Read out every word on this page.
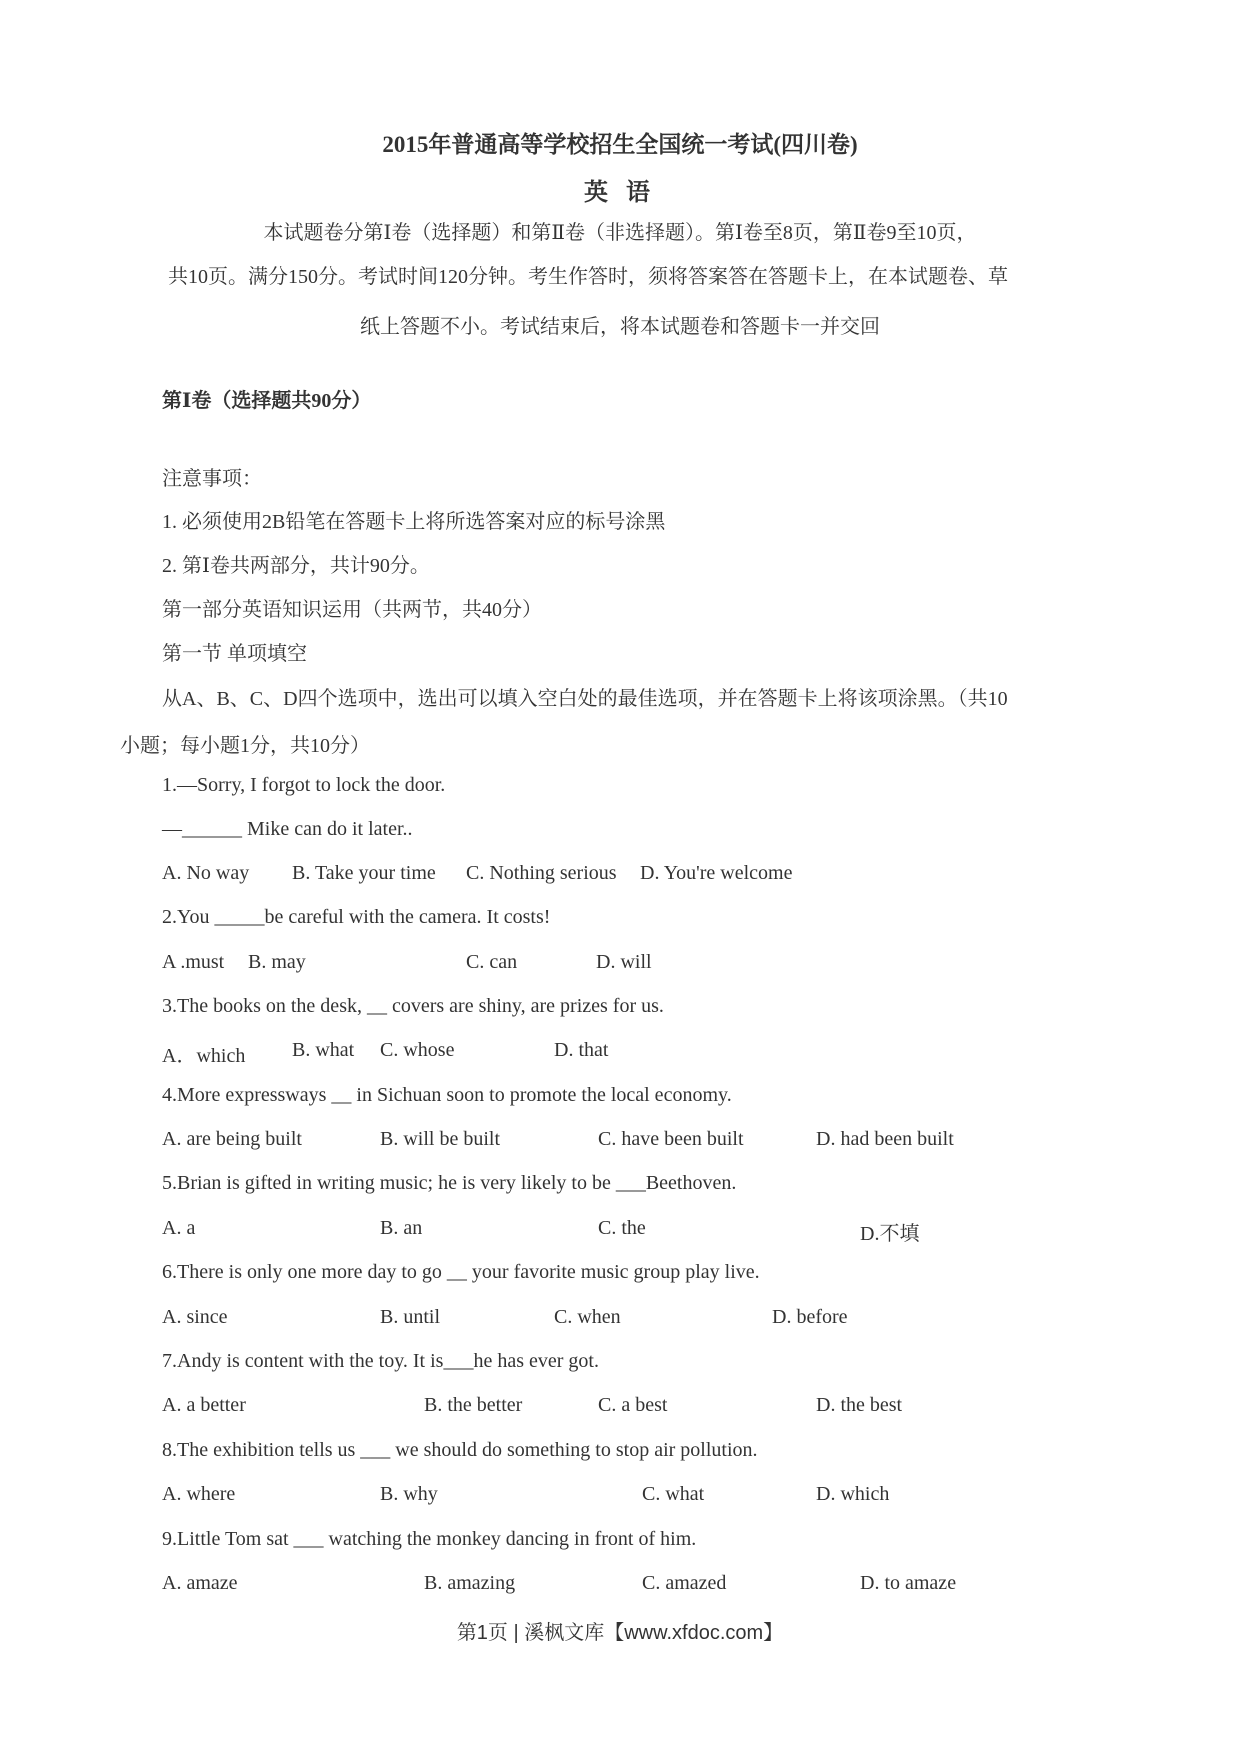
2015年普通高等学校招生全国统一考试(四川卷)
英 语
本试题卷分第Ⅰ卷（选择题）和第Ⅱ卷（非选择题）。第Ⅰ卷至8页，第Ⅱ卷9至10页，
共10页。满分150分。考试时间120分钟。考生作答时，须将答案答在答题卡上，在本试题卷、草
纸上答题不小。考试结束后，将本试题卷和答题卡一并交回
第Ⅰ卷（选择题共90分）
注意事项：
1. 必须使用2B铅笔在答题卡上将所选答案对应的标号涂黑
2. 第Ⅰ卷共两部分，共计90分。
第一部分英语知识运用（共两节，共40分）
第一节 单项填空
从A、B、C、D四个选项中，选出可以填入空白处的最佳选项，并在答题卡上将该项涂黑。（共10
小题；每小题1分，共10分）
1.—Sorry, I forgot to lock the door.
—______ Mike can do it later..
A. No way B. Take your time C. Nothing serious D. You're welcome
2.You _____be careful with the camera. It costs!
A .must B. may	C. can	D. will
3.The books on the desk, __ covers are shiny, are prizes for us.
A．which B. what C. whose	D. that
4.More expressways __ in Sichuan soon to promote the local economy.
A. are being built	B. will be built	C. have been built	D. had been built
5.Brian is gifted in writing music; he is very likely to be ___Beethoven.
A. a	B. an	C. the	D.不填
6.There is only one more day to go __ your favorite music group play live.
A. since	B. until	C. when	D. before
7.Andy is content with the toy. It is___he has ever got.
A. a better	B. the better	C. a best	D. the best
8.The exhibition tells us ___ we should do something to stop air pollution.
A. where	B. why	C. what	D. which
9.Little Tom sat ___ watching the monkey dancing in front of him.
A. amaze	B. amazing	C. amazed	D. to amaze
第1页 | 溪枫文库【www.xfdoc.com】
